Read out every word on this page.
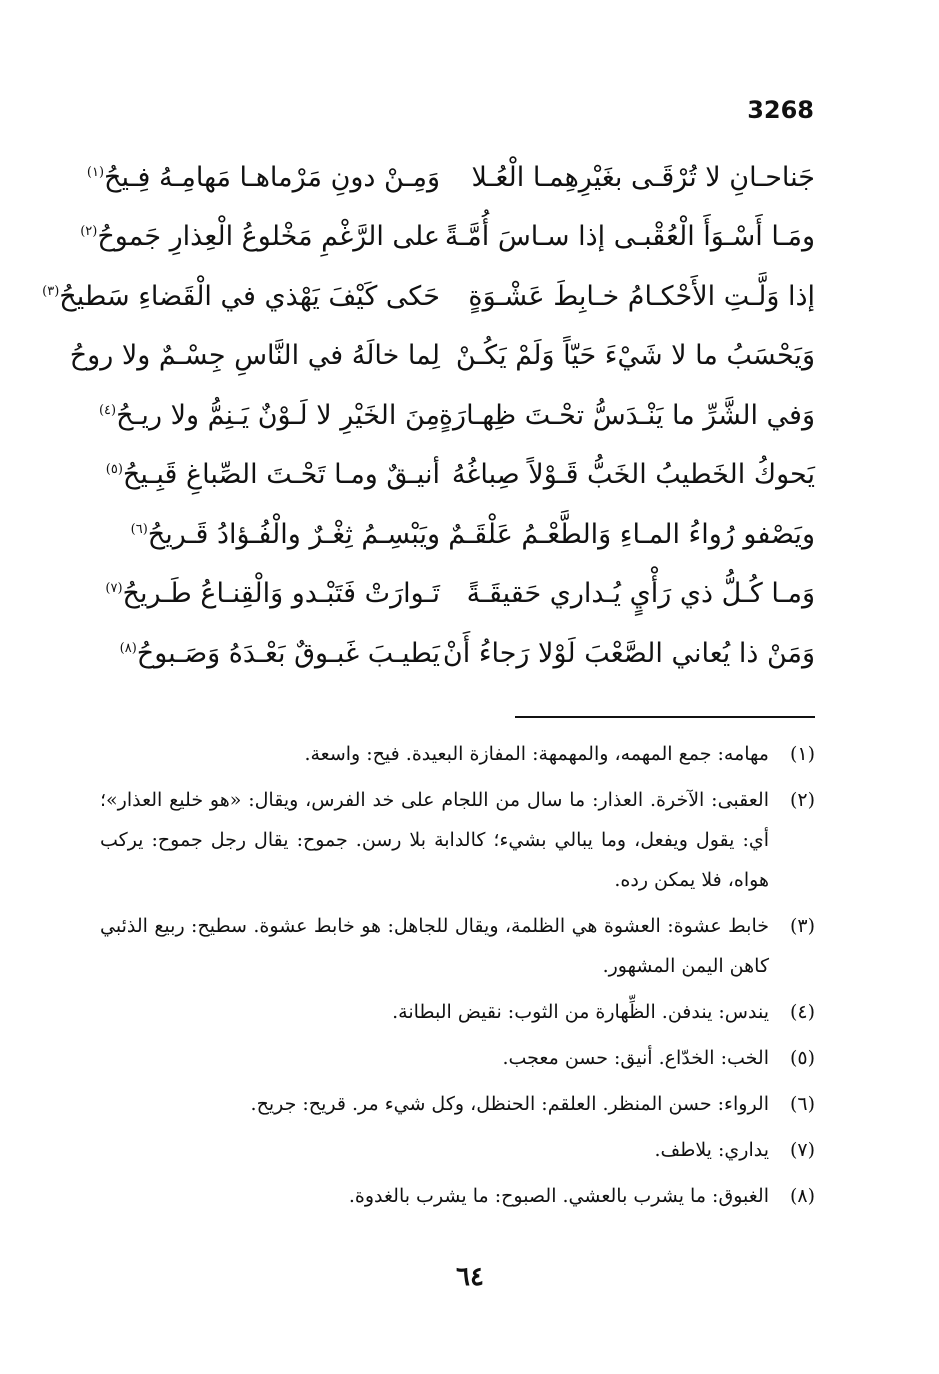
3268
جَناحـانِ لا تُرْقَـى بغَيْرِهِمـا الْعُـلا
وَمِـنْ دونِ مَرْماهـا مَهامِـهُ فِـيحُ$^{(١)}$
ومَـا أَسْـوَأَ الْعُقْبـى إذا سـاسَ أُمَّـةً
على الرَّغْمِ مَخْلوعُ الْعِذارِ جَموحُ$^{(٢)}$
إذا وَلَّـتِ الأَحْكـامُ خـابِطَ عَشْـوَةٍ
حَكى كَيْفَ يَهْذي في الْقَضاءِ سَطيحُ$^{(٣)}$
وَيَحْسَبُ ما لا شَيْءَ حَيّاً وَلَمْ يَكُـنْ
لِما خالَهُ في النَّاسِ جِسْـمٌ ولا روحُ
وَفي الشَّرِّ ما يَنْـدَسُّ تحْـتَ ظِهـارَةٍ
مِنَ الخَيْرِ لا لَـوْنٌ يَـنِمُّ ولا ريـحُ$^{(٤)}$
يَحوكُ الخَطيبُ الخَبُّ قَـوْلاً صِباغُهُ
أنيـقٌ ومـا تَحْـتَ الصِّباغِ قَبِـيحُ$^{(٥)}$
ويَصْفو رُواءُ المـاءِ وَالطَّعْـمُ عَلْقَـمٌ
ويَبْسِـمُ ثِغْـرٌ والْفُـؤادُ قَـريحُ$^{(٦)}$
وَمـا كُـلُّ ذي رَأْيٍ يُـداري حَقيقَـةً
تَـوارَتْ فَتَبْـدو وَالْقِنـاعُ طَـريحُ$^{(٧)}$
وَمَنْ ذا يُعاني الصَّعْبَ لَوْلا رَجاءُ أَنْ
يَطيـبَ غَبـوقٌ بَعْـدَهُ وَصَـبوحُ$^{(٨)}$
(١)
مهامه: جمع المهمه، والمهمهة: المفازة البعيدة. فيح: واسعة.
(٢)
العقبى: الآخرة. العذار: ما سال من اللجام على خد الفرس، ويقال: «هو خليع العذار»؛ أي: يقول ويفعل، وما يبالي بشيء؛ كالدابة بلا رسن. جموح: يقال رجل جموح: يركب هواه، فلا يمكن رده.
(٣)
خابط عشوة: العشوة هي الظلمة، ويقال للجاهل: هو خابط عشوة. سطيح: ربيع الذئبي كاهن اليمن المشهور.
(٤)
يندس: يندفن. الظِّهارة من الثوب: نقيض البطانة.
(٥)
الخب: الخدّاع. أنيق: حسن معجب.
(٦)
الرواء: حسن المنظر. العلقم: الحنظل، وكل شيء مر. قريح: جريح.
(٧)
يداري: يلاطف.
(٨)
الغبوق: ما يشرب بالعشي. الصبوح: ما يشرب بالغدوة.
٦٤
